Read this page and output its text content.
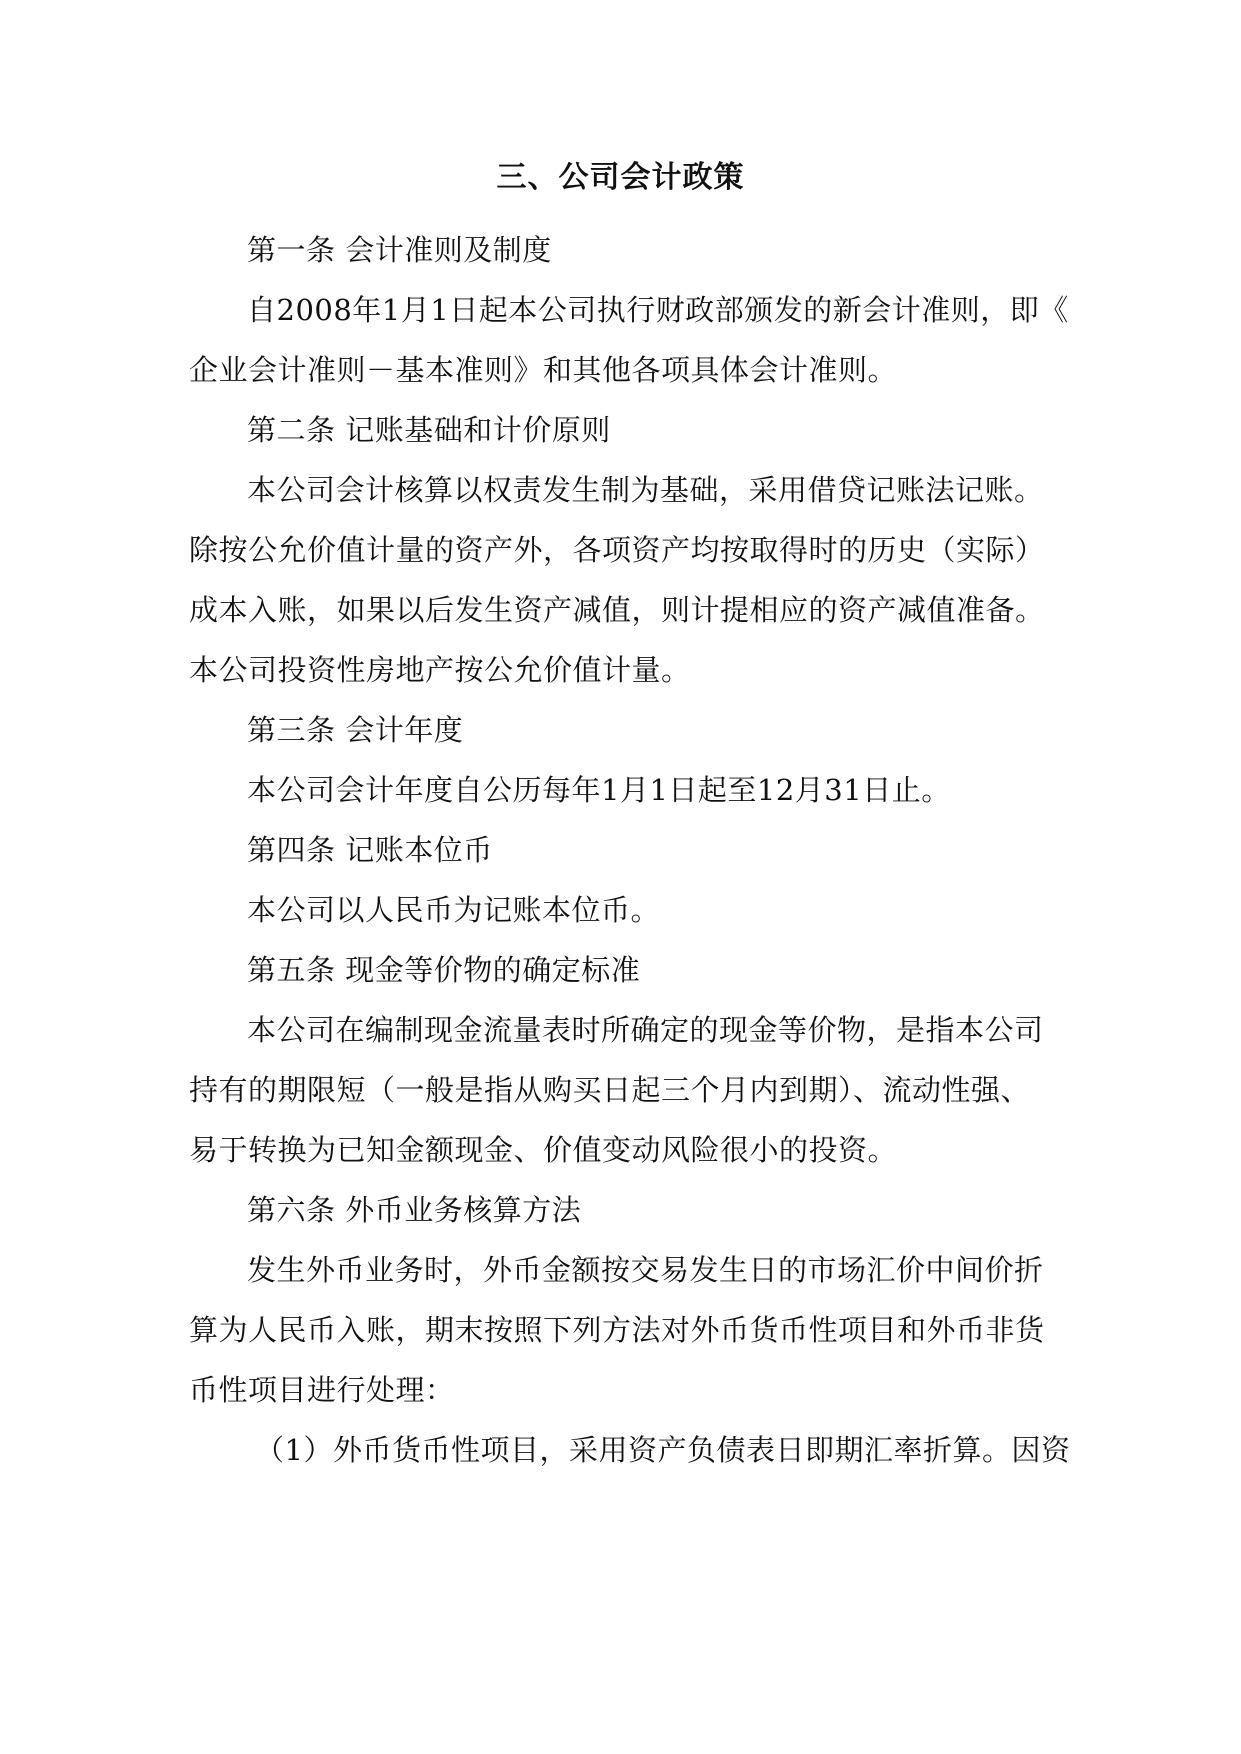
三、公司会计政策
第一条 会计准则及制度
自2008年1月1日起本公司执行财政部颁发的新会计准则，即《
企业会计准则－基本准则》和其他各项具体会计准则。
第二条 记账基础和计价原则
本公司会计核算以权责发生制为基础，采用借贷记账法记账。
除按公允价值计量的资产外，各项资产均按取得时的历史（实际）
成本入账，如果以后发生资产减值，则计提相应的资产减值准备。
本公司投资性房地产按公允价值计量。
第三条 会计年度
本公司会计年度自公历每年1月1日起至12月31日止。
第四条 记账本位币
本公司以人民币为记账本位币。
第五条 现金等价物的确定标准
本公司在编制现金流量表时所确定的现金等价物，是指本公司
持有的期限短（一般是指从购买日起三个月内到期）、流动性强、
易于转换为已知金额现金、价值变动风险很小的投资。
第六条 外币业务核算方法
发生外币业务时，外币金额按交易发生日的市场汇价中间价折
算为人民币入账，期末按照下列方法对外币货币性项目和外币非货
币性项目进行处理：
（1）外币货币性项目，采用资产负债表日即期汇率折算。因资
